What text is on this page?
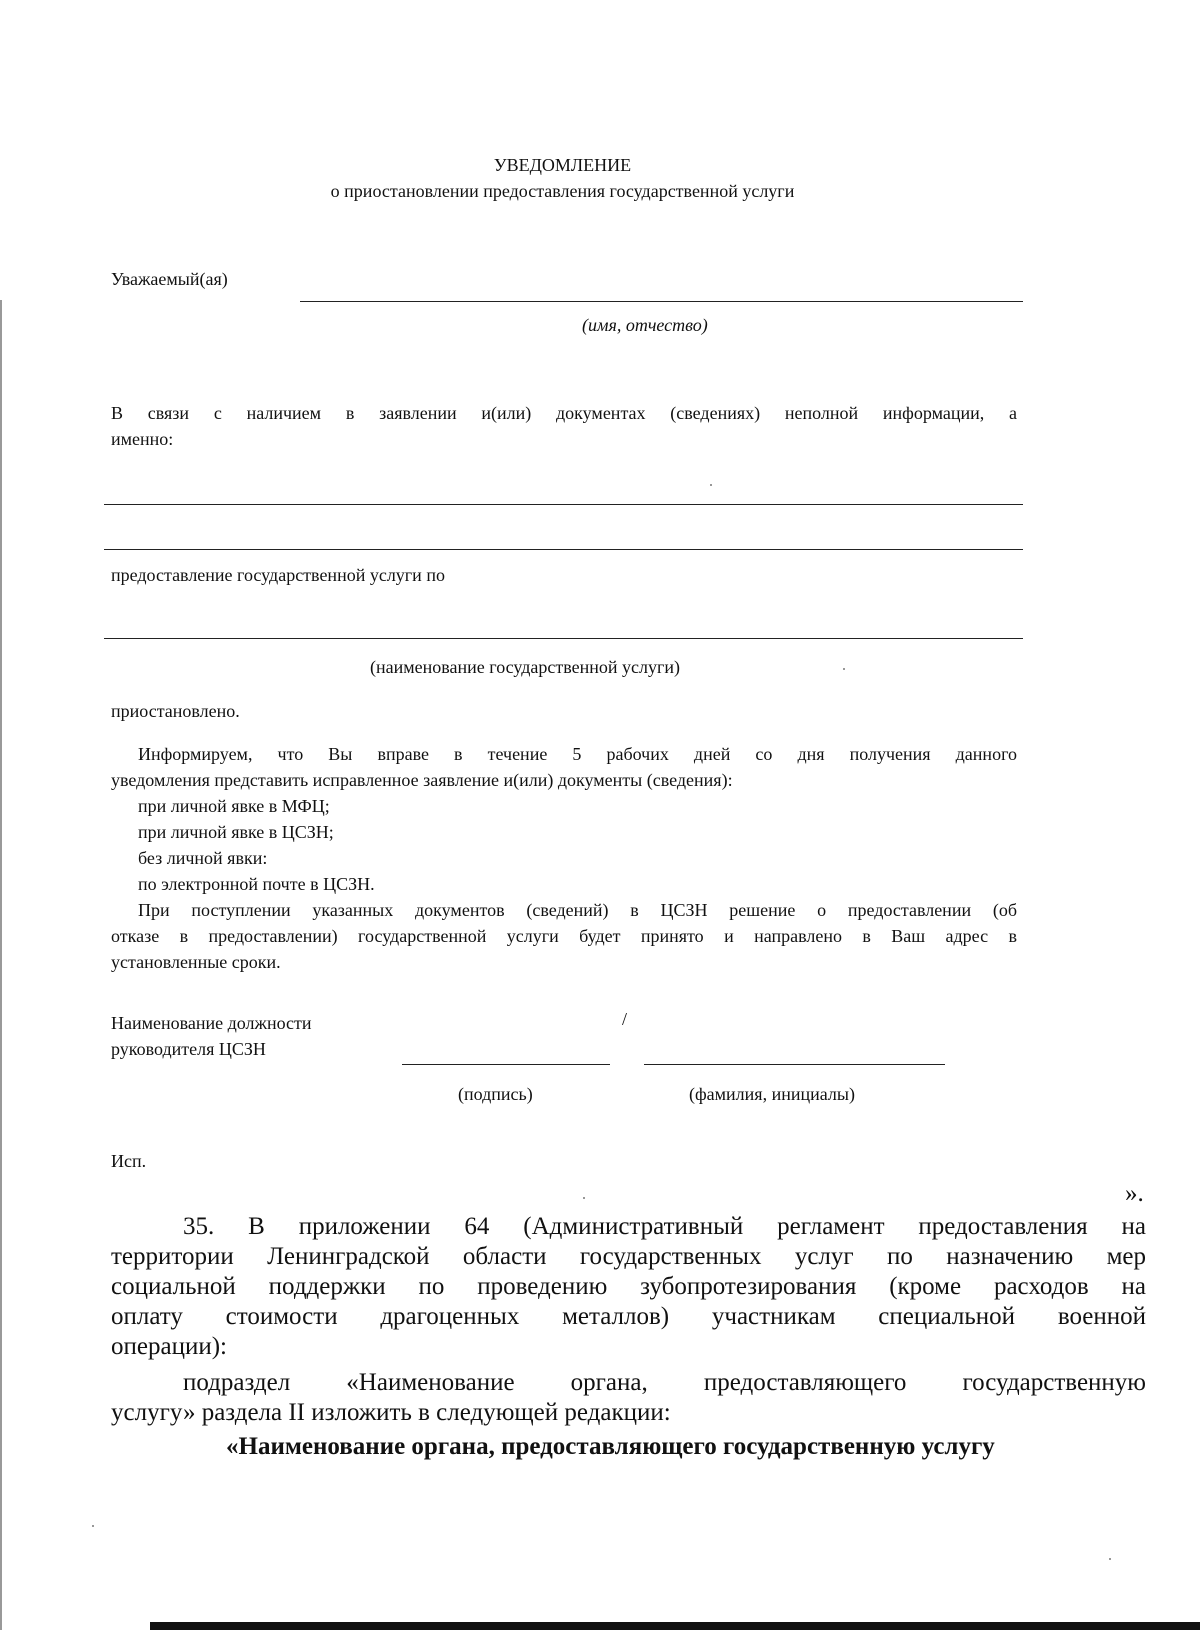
УВЕДОМЛЕНИЕ
о приостановлении предоставления государственной услуги
Уважаемый(ая)
(имя, отчество)
В связи с наличием в заявлении и(или) документах (сведениях) неполной информации, а
именно:
предоставление государственной услуги по
(наименование государственной услуги)
приостановлено.
Информируем, что Вы вправе в течение 5 рабочих дней со дня получения данного
уведомления представить исправленное заявление и(или) документы (сведения):
при личной явке в МФЦ;
при личной явке в ЦСЗН;
без личной явки:
по электронной почте в ЦСЗН.
При поступлении указанных документов (сведений) в ЦСЗН решение о предоставлении (об
отказе в предоставлении) государственной услуги будет принято и направлено в Ваш адрес в
установленные сроки.
Наименование должности
руководителя ЦСЗН
/
(подпись)	(фамилия, инициалы)
Исп.
».
35. В приложении 64 (Административный регламент предоставления на
территории Ленинградской области государственных услуг по назначению мер
социальной поддержки по проведению зубопротезирования (кроме расходов на
оплату стоимости драгоценных металлов) участникам специальной военной
операции):
подраздел «Наименование органа, предоставляющего государственную
услугу» раздела II изложить в следующей редакции:
«Наименование органа, предоставляющего государственную услугу
